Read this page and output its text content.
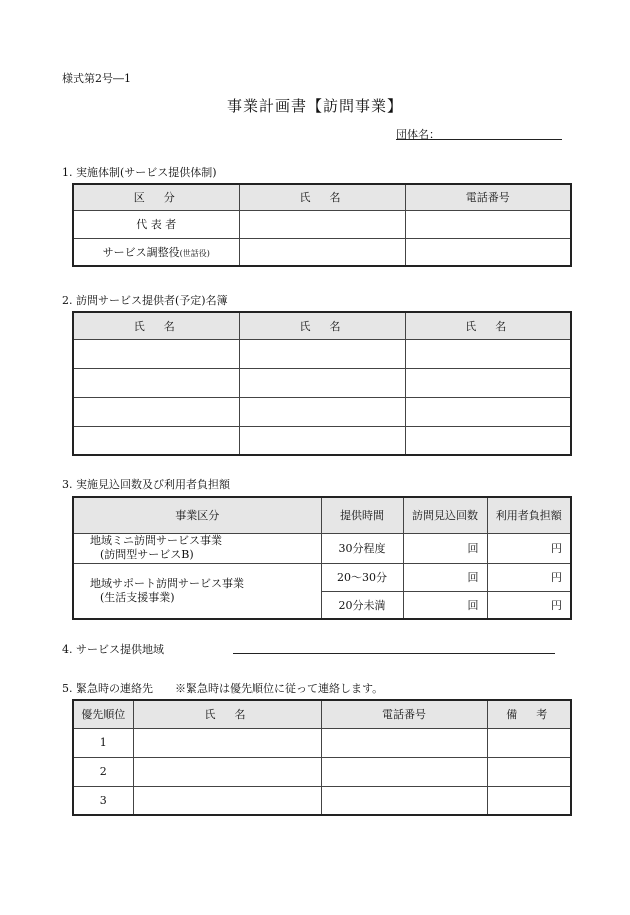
様式第2号―1
事業計画書【訪問事業】
団体名：
1. 実施体制(サービス提供体制)
区　分	氏　名	電話番号
代 表 者		
サービス調整役(世話役)		
2. 訪問サービス提供者(予定)名簿
氏　名	氏　名	氏　名

3. 実施見込回数及び利用者負担額
事業区分	提供時間	訪問見込回数	利用者負担額

地域ミニ訪問サービス事業
(訪問型サービスB)	30分程度	回	円

地域サポート訪問サービス事業
(生活支援事業)	20～30分	回	円
	20分未満	回	円
4. サービス提供地域
5. 緊急時の連絡先　　※緊急時は優先順位に従って連絡します。
優先順位	氏　名	電話番号	備　考
1			
2			
3			
